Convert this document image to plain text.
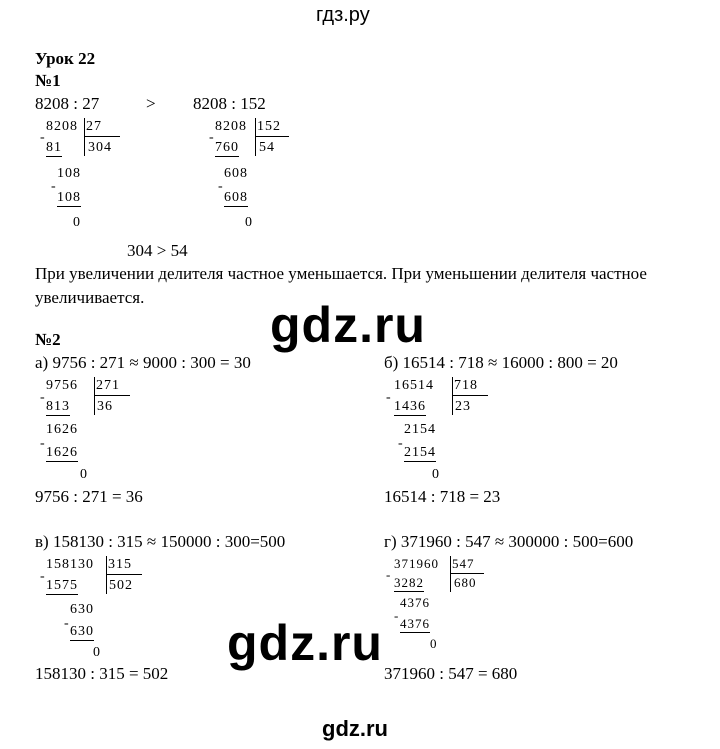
гдз.ру
Урок 22
№1
8208 : 27	> 8208 : 152
8208 27
-
81 304
108
-
108
0
8208 152
-
760 54
608
-
608
0
304 > 54
При увеличении делителя частное уменьшается. При уменьшении делителя частное увеличивается.	gdz.ru
№2
а) 9756 : 271 ≈ 9000 : 300 = 30
9756 271
-
813 36
1626
-
1626
0
9756 : 271 = 36
б) 16514 : 718 ≈ 16000 : 800 = 20
16514 718
-
1436 23
2154
-
2154
0
16514 : 718 = 23
в) 158130 : 315 ≈ 150000 : 300=500
158130 315
-
1575 502
630
-
630
0
158130 : 315 = 502
г) 371960 : 547 ≈ 300000 : 500=600
371960 547
-
3282 680
4376
-
4376
0
371960 : 547 = 680
gdz.ru
gdz.ru
